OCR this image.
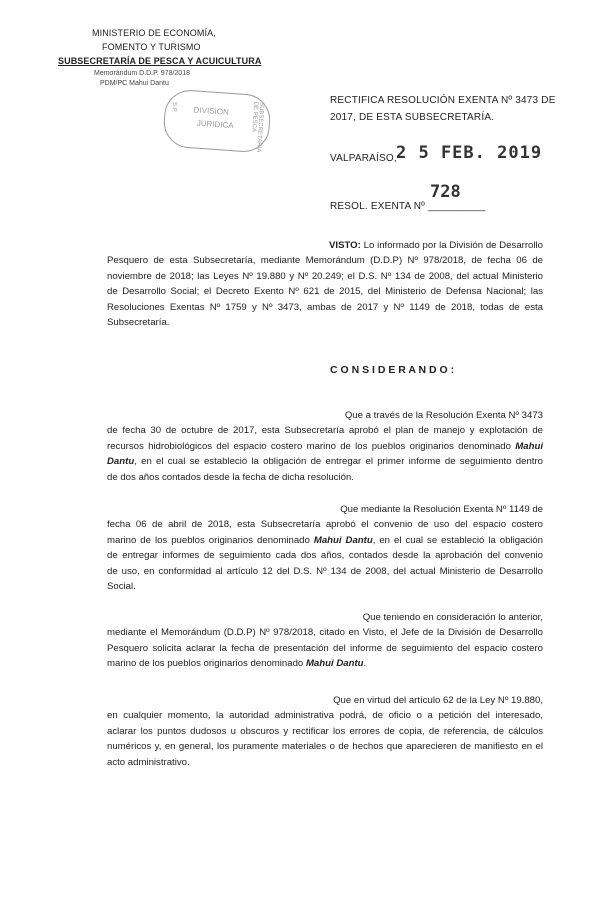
MINISTERIO DE ECONOMÍA,
FOMENTO Y TURISMO
SUBSECRETARÍA DE PESCA Y ACUICULTURA
Memorándum D.D.P. 978/2018
PDM/PC Mahui Dantu
S.P. DIVISION
JURIDICA	SUBSECRETARIA DE PESCA
RECTIFICA RESOLUCIÓN EXENTA Nº 3473 DE
2017, DE ESTA SUBSECRETARÍA.
VALPARAÍSO, 2 5 FEB. 2019
728
RESOL. EXENTA Nº __________
VISTO: Lo informado por la División de Desarrollo
Pesquero de esta Subsecretaría, mediante Memorándum (D.D.P) Nº 978/2018, de fecha 06 de
noviembre de 2018; las Leyes Nº 19.880 y Nº 20.249; el D.S. Nº 134 de 2008, del actual Ministerio
de Desarrollo Social; el Decreto Exento Nº 621 de 2015, del Ministerio de Defensa Nacional; las
Resoluciones Exentas Nº 1759 y Nº 3473, ambas de 2017 y Nº 1149 de 2018, todas de esta
Subsecretaría.
C O N S I D E R A N D O :
Que a través de la Resolución Exenta Nº 3473
de fecha 30 de octubre de 2017, esta Subsecretaría aprobó el plan de manejo y explotación de
recursos hidrobiológicos del espacio costero marino de los pueblos originarios denominado Mahui
Dantu, en el cual se estableció la obligación de entregar el primer informe de seguimiento dentro
de dos años contados desde la fecha de dicha resolución.
Que mediante la Resolución Exenta Nº 1149 de
fecha 06 de abril de 2018, esta Subsecretaría aprobó el convenio de uso del espacio costero
marino de los pueblos originarios denominado Mahui Dantu, en el cual se estableció la obligación
de entregar informes de seguimiento cada dos años, contados desde la aprobación del convenio
de uso, en conformidad al artículo 12 del D.S. Nº 134 de 2008, del actual Ministerio de Desarrollo
Social.
Que teniendo en consideración lo anterior,
mediante el Memorándum (D.D.P) Nº 978/2018, citado en Visto, el Jefe de la División de Desarrollo
Pesquero solicita aclarar la fecha de presentación del informe de seguimiento del espacio costero
marino de los pueblos originarios denominado Mahui Dantu.
Que en virtud del artículo 62 de la Ley Nº 19.880,
en cualquier momento, la autoridad administrativa podrá, de oficio o a petición del interesado,
aclarar los puntos dudosos u obscuros y rectificar los errores de copia, de referencia, de cálculos
numéricos y, en general, los puramente materiales o de hechos que aparecieren de manifiesto en el
acto administrativo.
